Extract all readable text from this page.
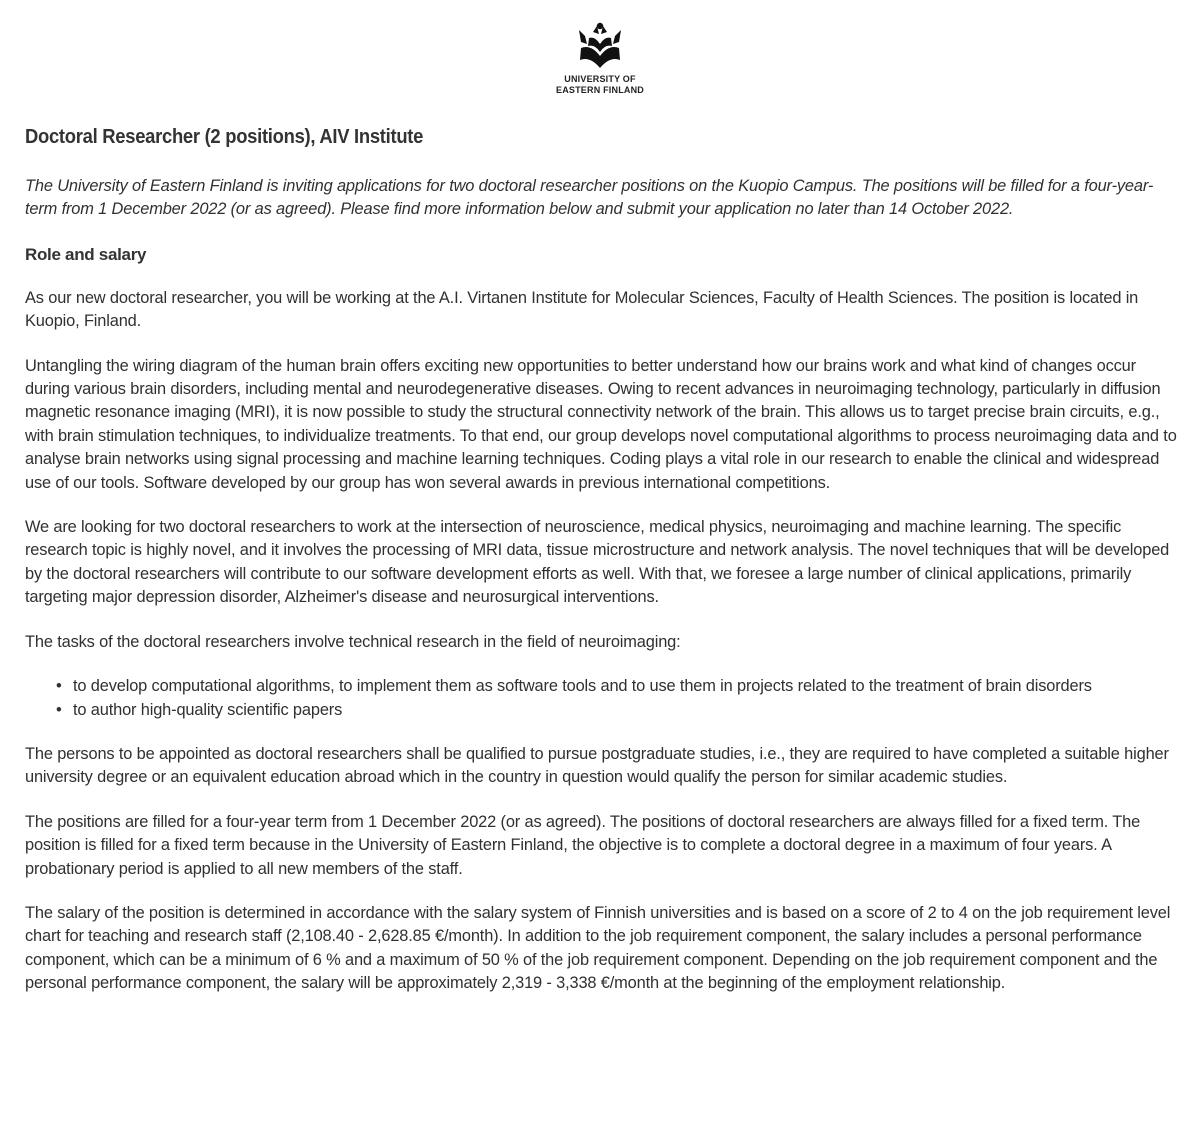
UNIVERSITY OF
EASTERN FINLAND
Doctoral Researcher (2 positions), AIV Institute

The University of Eastern Finland is inviting applications for two doctoral researcher positions on the Kuopio Campus. The positions will be filled for a four-year-term from 1 December 2022 (or as agreed). Please find more information below and submit your application no later than 14 October 2022.

Role and salary

As our new doctoral researcher, you will be working at the A.I. Virtanen Institute for Molecular Sciences, Faculty of Health Sciences. The position is located in Kuopio, Finland.

Untangling the wiring diagram of the human brain offers exciting new opportunities to better understand how our brains work and what kind of changes occur during various brain disorders, including mental and neurodegenerative diseases. Owing to recent advances in neuroimaging technology, particularly in diffusion magnetic resonance imaging (MRI), it is now possible to study the structural connectivity network of the brain. This allows us to target precise brain circuits, e.g., with brain stimulation techniques, to individualize treatments. To that end, our group develops novel computational algorithms to process neuroimaging data and to analyse brain networks using signal processing and machine learning techniques. Coding plays a vital role in our research to enable the clinical and widespread use of our tools. Software developed by our group has won several awards in previous international competitions.

We are looking for two doctoral researchers to work at the intersection of neuroscience, medical physics, neuroimaging and machine learning. The specific research topic is highly novel, and it involves the processing of MRI data, tissue microstructure and network analysis. The novel techniques that will be developed by the doctoral researchers will contribute to our software development efforts as well. With that, we foresee a large number of clinical applications, primarily targeting major depression disorder, Alzheimer's disease and neurosurgical interventions.

The tasks of the doctoral researchers involve technical research in the field of neuroimaging:

• to develop computational algorithms, to implement them as software tools and to use them in projects related to the treatment of brain disorders
• to author high-quality scientific papers

The persons to be appointed as doctoral researchers shall be qualified to pursue postgraduate studies, i.e., they are required to have completed a suitable higher university degree or an equivalent education abroad which in the country in question would qualify the person for similar academic studies.

The positions are filled for a four-year term from 1 December 2022 (or as agreed). The positions of doctoral researchers are always filled for a fixed term. The position is filled for a fixed term because in the University of Eastern Finland, the objective is to complete a doctoral degree in a maximum of four years. A probationary period is applied to all new members of the staff.

The salary of the position is determined in accordance with the salary system of Finnish universities and is based on a score of 2 to 4 on the job requirement level chart for teaching and research staff (2,108.40 - 2,628.85 €/month). In addition to the job requirement component, the salary includes a personal performance component, which can be a minimum of 6 % and a maximum of 50 % of the job requirement component. Depending on the job requirement component and the personal performance component, the salary will be approximately 2,319 - 3,338 €/month at the beginning of the employment relationship.
